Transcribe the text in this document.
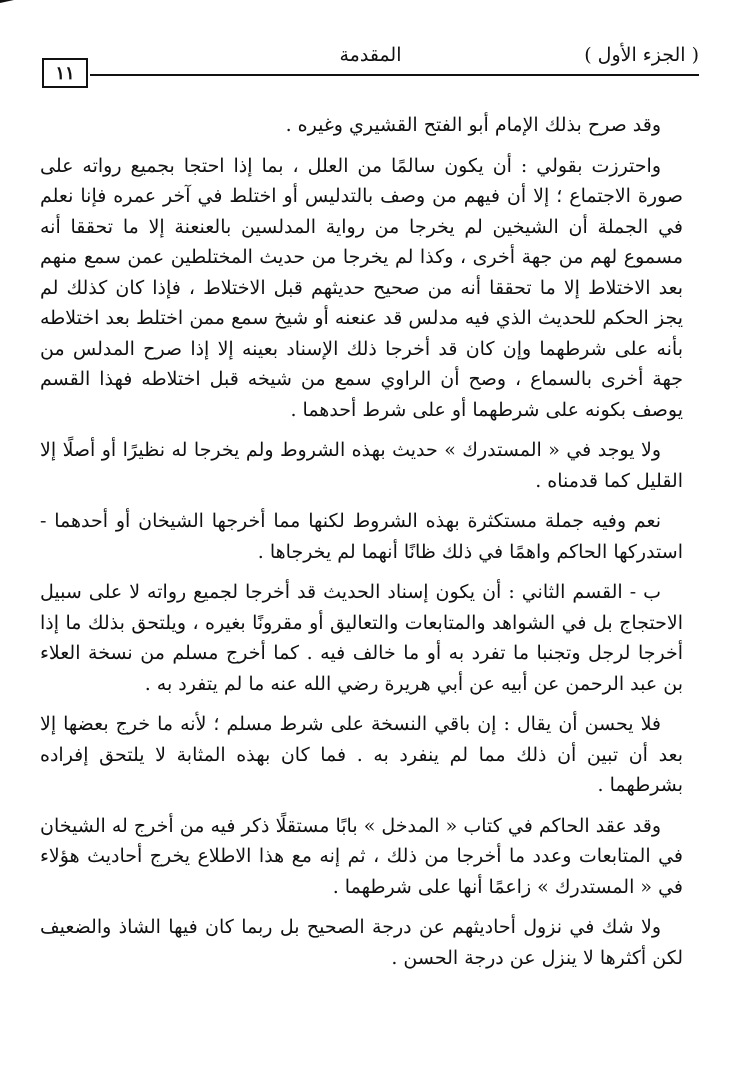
( الجزء الأول )
المقدمة
١١

وقد صرح بذلك الإمام أبو الفتح القشيري وغيره .

واحترزت بقولي : أن يكون سالمًا من العلل ، بما إذا احتجا بجميع رواته على صورة الاجتماع ؛ إلا أن فيهم من وصف بالتدليس أو اختلط في آخر عمره فإنا نعلم في الجملة أن الشيخين لم يخرجا من رواية المدلسين بالعنعنة إلا ما تحققا أنه مسموع لهم من جهة أخرى ، وكذا لم يخرجا من حديث المختلطين عمن سمع منهم بعد الاختلاط إلا ما تحققا أنه من صحيح حديثهم قبل الاختلاط ، فإذا كان كذلك لم يجز الحكم للحديث الذي فيه مدلس قد عنعنه أو شيخ سمع ممن اختلط بعد اختلاطه بأنه على شرطهما وإن كان قد أخرجا ذلك الإسناد بعينه إلا إذا صرح المدلس من جهة أخرى بالسماع ، وصح أن الراوي سمع من شيخه قبل اختلاطه فهذا القسم يوصف بكونه على شرطهما أو على شرط أحدهما .

ولا يوجد في « المستدرك » حديث بهذه الشروط ولم يخرجا له نظيرًا أو أصلًا إلا القليل كما قدمناه .

نعم وفيه جملة مستكثرة بهذه الشروط لكنها مما أخرجها الشيخان أو أحدهما - استدركها الحاكم واهمًا في ذلك ظانًا أنهما لم يخرجاها .

ب - القسم الثاني : أن يكون إسناد الحديث قد أخرجا لجميع رواته لا على سبيل الاحتجاج بل في الشواهد والمتابعات والتعاليق أو مقرونًا بغيره ، ويلتحق بذلك ما إذا أخرجا لرجل وتجنبا ما تفرد به أو ما خالف فيه . كما أخرج مسلم من نسخة العلاء بن عبد الرحمن عن أبيه عن أبي هريرة رضي الله عنه ما لم يتفرد به .

فلا يحسن أن يقال : إن باقي النسخة على شرط مسلم ؛ لأنه ما خرج بعضها إلا بعد أن تبين أن ذلك مما لم ينفرد به . فما كان بهذه المثابة لا يلتحق إفراده بشرطهما .

وقد عقد الحاكم في كتاب « المدخل » بابًا مستقلًا ذكر فيه من أخرج له الشيخان في المتابعات وعدد ما أخرجا من ذلك ، ثم إنه مع هذا الاطلاع يخرج أحاديث هؤلاء في « المستدرك » زاعمًا أنها على شرطهما .

ولا شك في نزول أحاديثهم عن درجة الصحيح بل ربما كان فيها الشاذ والضعيف لكن أكثرها لا ينزل عن درجة الحسن .
